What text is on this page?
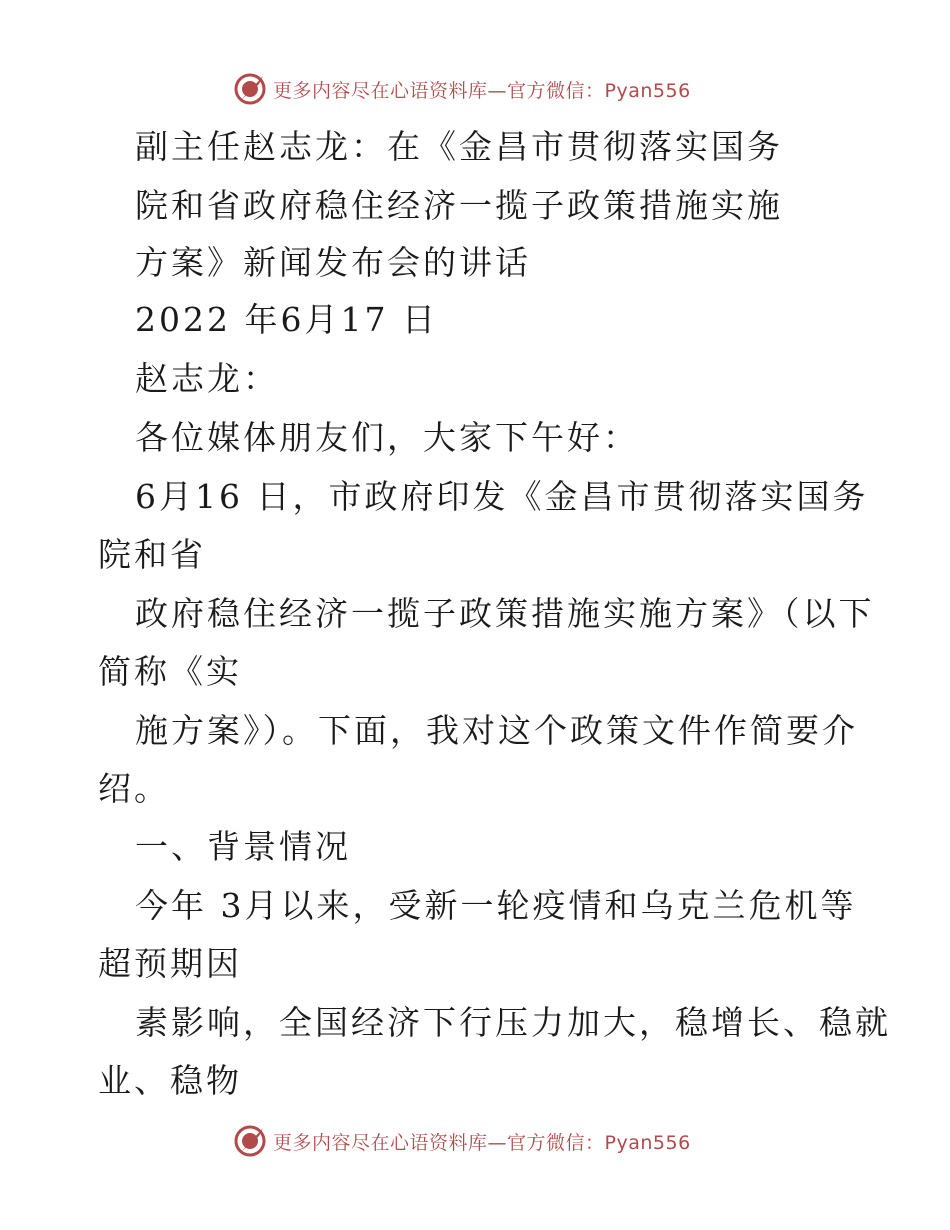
更多内容尽在心语资料库—官方微信：Pyan556
副主任赵志龙：在《金昌市贯彻落实国务
院和省政府稳住经济一揽子政策措施实施
方案》新闻发布会的讲话
2022 年6月17 日
赵志龙：
各位媒体朋友们，大家下午好：
6月16 日，市政府印发《金昌市贯彻落实国务
院和省
政府稳住经济一揽子政策措施实施方案》（以下
简称《实
施方案》）。下面，我对这个政策文件作简要介
绍。
一、背景情况
今年 3月以来，受新一轮疫情和乌克兰危机等
超预期因
素影响，全国经济下行压力加大，稳增长、稳就
业、稳物
更多内容尽在心语资料库—官方微信：Pyan556
